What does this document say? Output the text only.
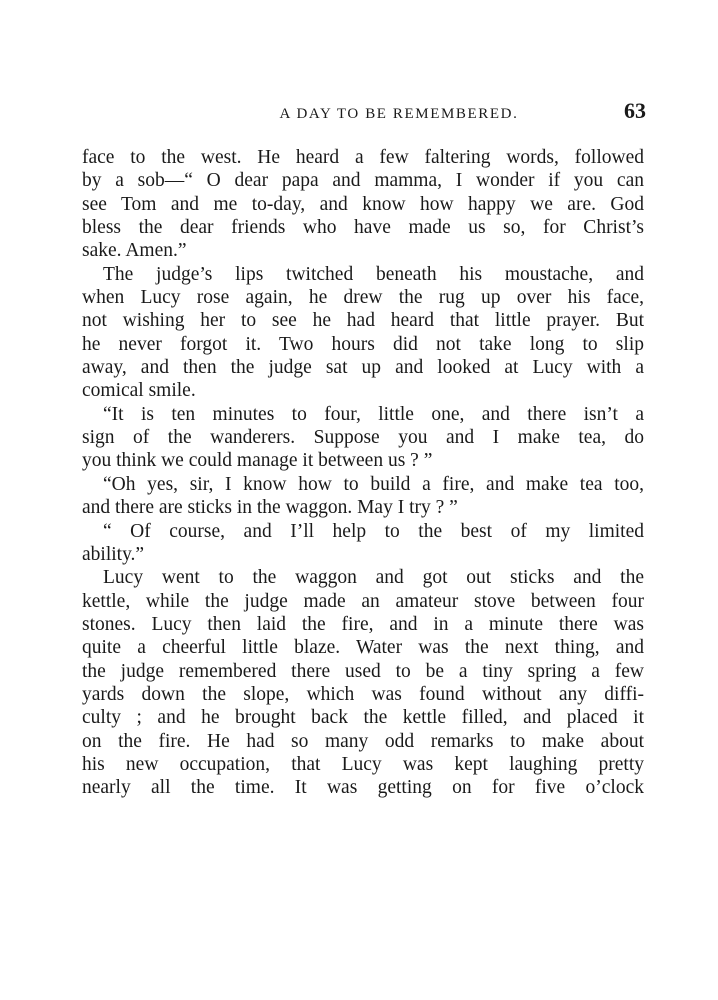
A DAY TO BE REMEMBERED.	63

face to the west. He heard a few faltering words, followed

by a sob—“ O dear papa and mamma, I wonder if you can

see Tom and me to-day, and know how happy we are. God

bless the dear friends who have made us so, for Christ’s

sake. Amen.”

The judge’s lips twitched beneath his moustache, and

when Lucy rose again, he drew the rug up over his face,

not wishing her to see he had heard that little prayer. But

he never forgot it. Two hours did not take long to slip

away, and then the judge sat up and looked at Lucy with a

comical smile.

“It is ten minutes to four, little one, and there isn’t a

sign of the wanderers. Suppose you and I make tea, do

you think we could manage it between us ? ”

“Oh yes, sir, I know how to build a fire, and make tea too,

and there are sticks in the waggon. May I try ? ”

“ Of course, and I’ll help to the best of my limited

ability.”

Lucy went to the waggon and got out sticks and the

kettle, while the judge made an amateur stove between four

stones. Lucy then laid the fire, and in a minute there was

quite a cheerful little blaze. Water was the next thing, and

the judge remembered there used to be a tiny spring a few

yards down the slope, which was found without any diffi-

culty ; and he brought back the kettle filled, and placed it

on the fire. He had so many odd remarks to make about

his new occupation, that Lucy was kept laughing pretty

nearly all the time. It was getting on for five o’clock
